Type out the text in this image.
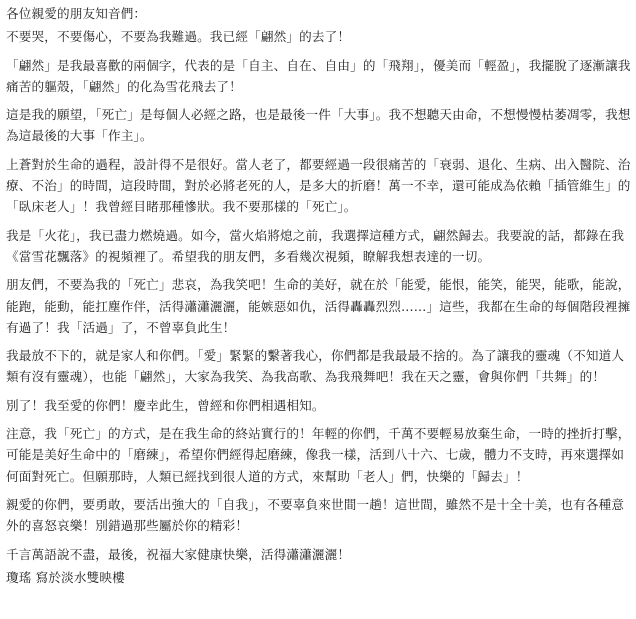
各位親愛的朋友知音們：

不要哭，不要傷心，不要為我難過。我已經「翩然」的去了！

「翩然」是我最喜歡的兩個字，代表的是「自主、自在、自由」的「飛翔」，優美而「輕盈」，我擺脫了逐漸讓我痛苦的軀殼，「翩然」的化為雪花飛去了！

這是我的願望，「死亡」是每個人必經之路，也是最後一件「大事」。我不想聽天由命，不想慢慢枯萎凋零，我想為這最後的大事「作主」。

上蒼對於生命的過程，設計得不是很好。當人老了，都要經過一段很痛苦的「衰弱、退化、生病、出入醫院、治療、不治」的時間，這段時間，對於必將老死的人，是多大的折磨！萬一不幸，還可能成為依賴「插管維生」的「臥床老人」！我曾經目睹那種慘狀。我不要那樣的「死亡」。

我是「火花」，我已盡力燃燒過。如今，當火焰將熄之前，我選擇這種方式，翩然歸去。我要說的話，都錄在我《當雪花飄落》的視頻裡了。希望我的朋友們，多看幾次視頻，瞭解我想表達的一切。

朋友們，不要為我的「死亡」悲哀，為我笑吧！生命的美好，就在於「能愛，能恨，能笑，能哭，能歌，能說，能跑，能動，能扛塵作伴，活得瀟瀟灑灑，能嫉惡如仇，活得轟轟烈烈……」這些，我都在生命的每個階段裡擁有過了！我「活過」了，不曾辜負此生！

我最放不下的，就是家人和你們。「愛」緊緊的繫著我心，你們都是我最最不捨的。為了讓我的靈魂（不知道人類有沒有靈魂），也能「翩然」，大家為我笑、為我高歌、為我飛舞吧！我在天之靈，會與你們「共舞」的！

別了！我至愛的你們！慶幸此生，曾經和你們相遇相知。

注意，我「死亡」的方式，是在我生命的終站實行的！年輕的你們，千萬不要輕易放棄生命，一時的挫折打擊，可能是美好生命中的「磨練」，希望你們經得起磨練，像我一樣，活到八十六、七歲，體力不支時，再來選擇如何面對死亡。但願那時，人類已經找到很人道的方式，來幫助「老人」們，快樂的「歸去」！

親愛的你們，要勇敢，要活出強大的「自我」，不要辜負來世間一趟！這世間，雖然不是十全十美，也有各種意外的喜怒哀樂！別錯過那些屬於你的精彩！

千言萬語說不盡，最後，祝福大家健康快樂，活得瀟瀟灑灑！

瓊瑤 寫於淡水雙映樓
